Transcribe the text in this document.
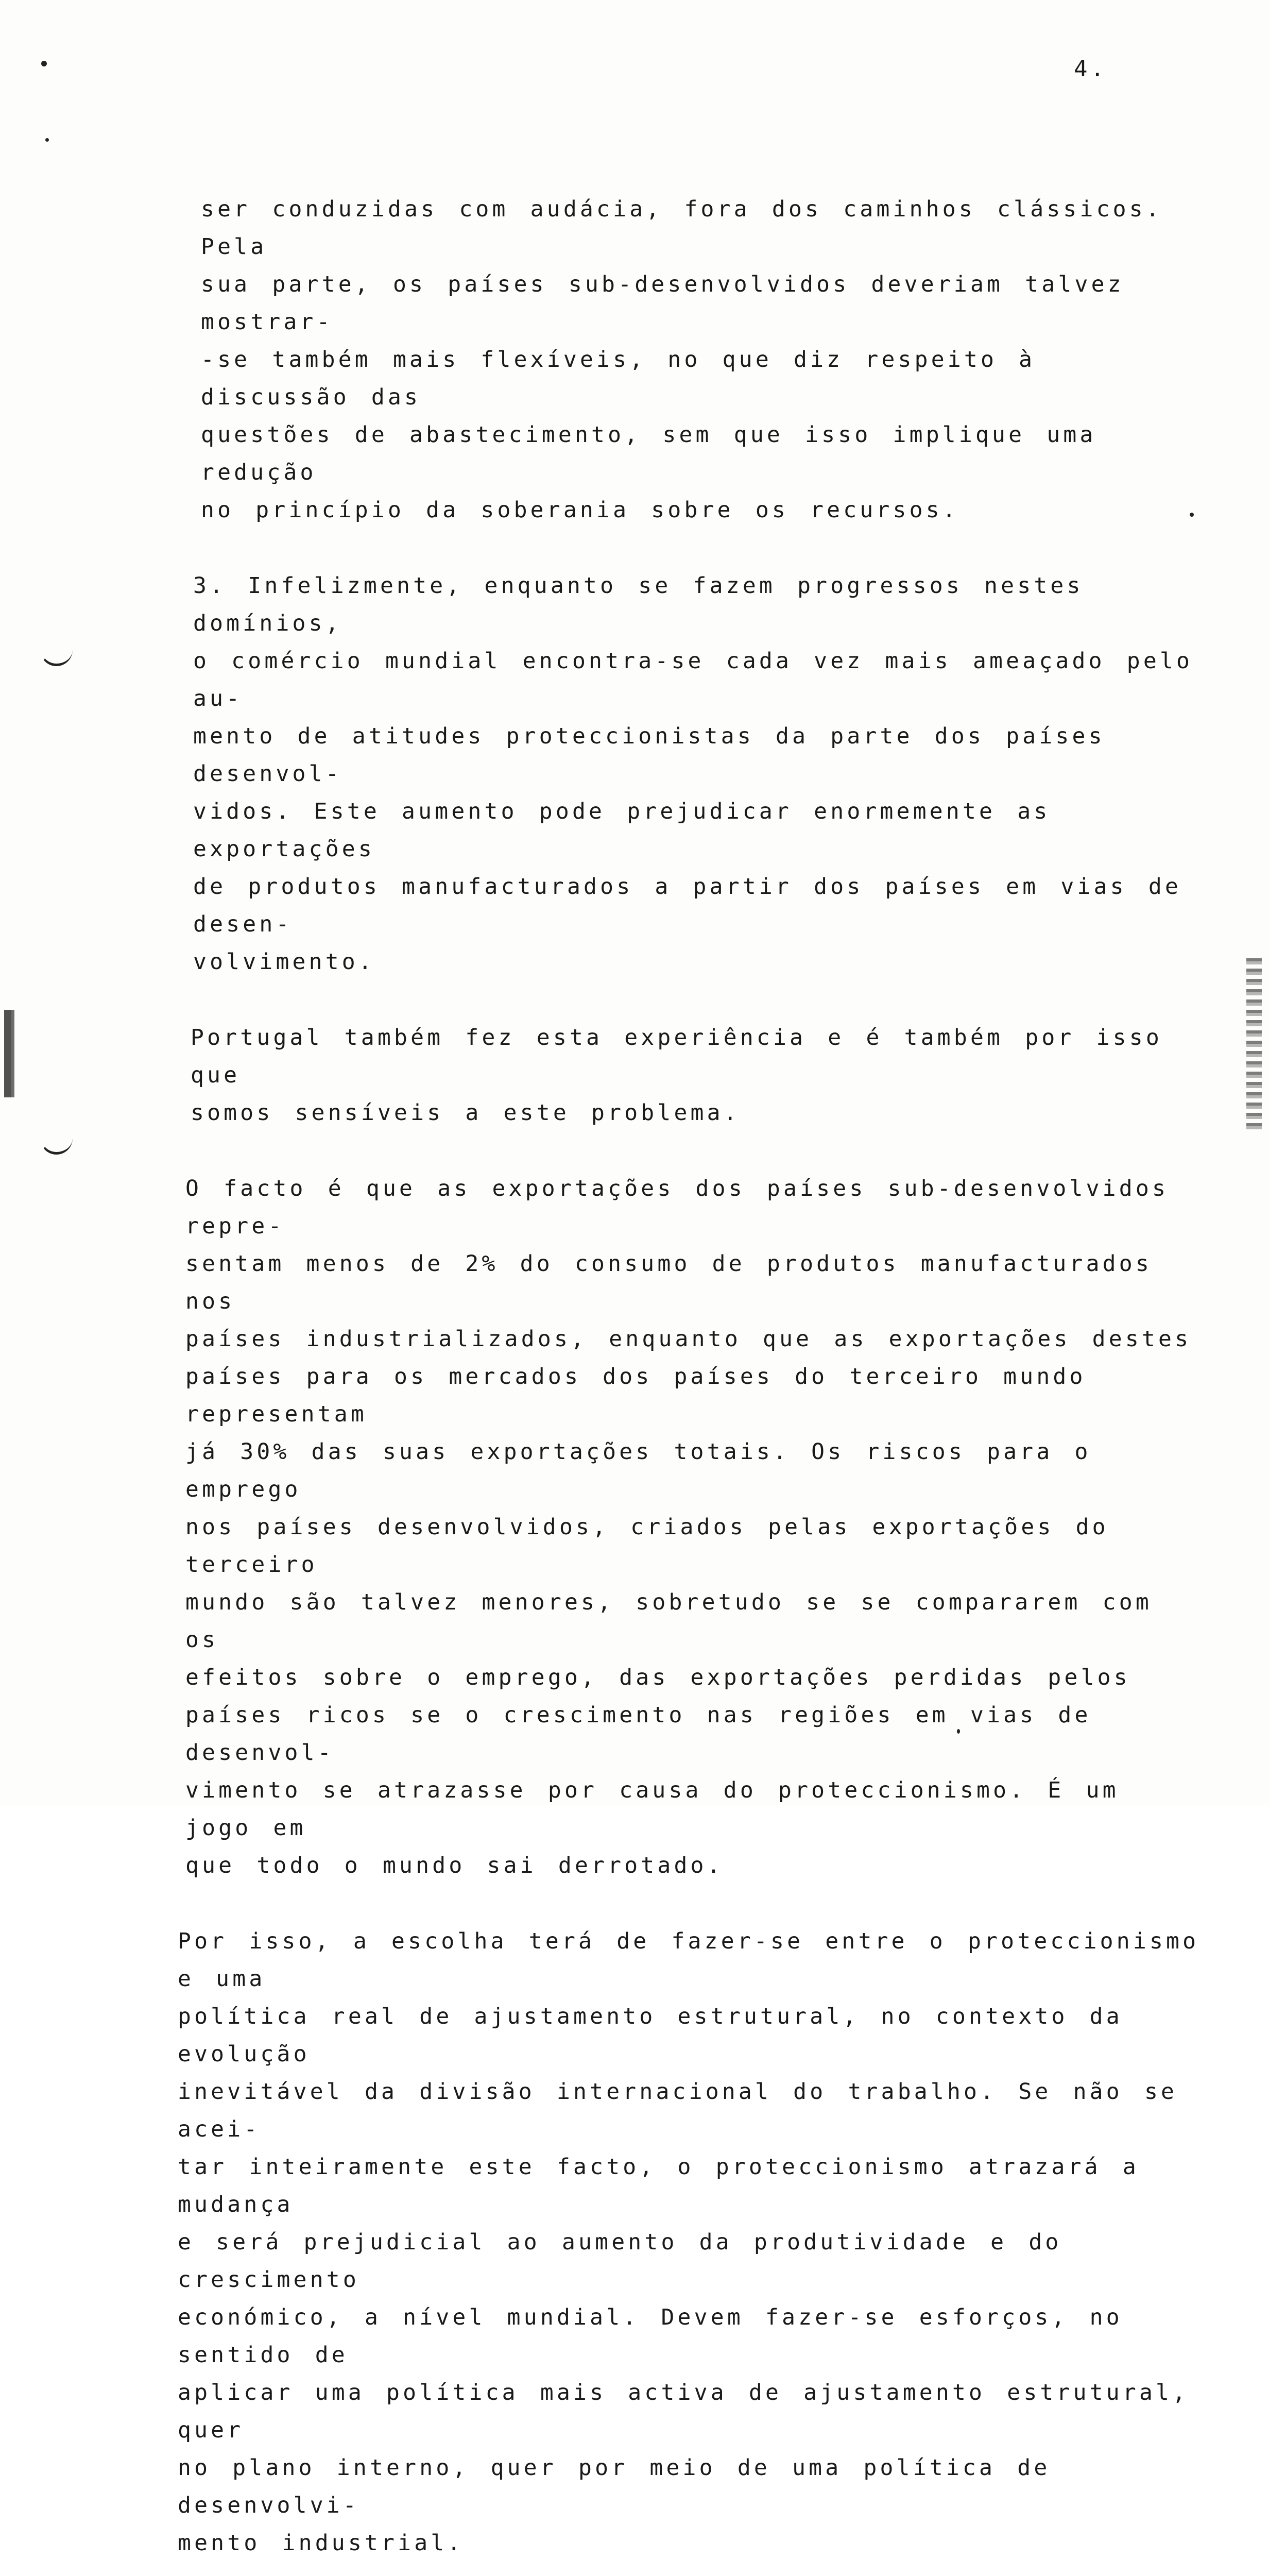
4.

ser conduzidas com audácia, fora dos caminhos clássicos. Pela
sua parte, os países sub-desenvolvidos deveriam talvez mostrar-
-se também mais flexíveis, no que diz respeito à discussão das
questões de abastecimento, sem que isso implique uma redução
no princípio da soberania sobre os recursos.

3. Infelizmente, enquanto se fazem progressos nestes domínios,
o comércio mundial encontra-se cada vez mais ameaçado pelo au-
mento de atitudes proteccionistas da parte dos países desenvol-
vidos. Este aumento pode prejudicar enormemente as exportações
de produtos manufacturados a partir dos países em vias de desen-
volvimento.

Portugal também fez esta experiência e é também por isso que
somos sensíveis a este problema.

O facto é que as exportações dos países sub-desenvolvidos repre-
sentam menos de 2% do consumo de produtos manufacturados nos
países industrializados, enquanto que as exportações destes
países para os mercados dos países do terceiro mundo representam
já 30% das suas exportações totais. Os riscos para o emprego
nos países desenvolvidos, criados pelas exportações do terceiro
mundo são talvez menores, sobretudo se se compararem com os
efeitos sobre o emprego, das exportações perdidas pelos
países ricos se o crescimento nas regiões em vias de desenvol-
vimento se atrazasse por causa do proteccionismo. É um jogo em
que todo o mundo sai derrotado.

Por isso, a escolha terá de fazer-se entre o proteccionismo e uma
política real de ajustamento estrutural, no contexto da evolução
inevitável da divisão internacional do trabalho. Se não se acei-
tar inteiramente este facto, o proteccionismo atrazará a mudança
e será prejudicial ao aumento da produtividade e do crescimento
económico, a nível mundial. Devem fazer-se esforços, no sentido de
aplicar uma política mais activa de ajustamento estrutural, quer
no plano interno, quer por meio de uma política de desenvolvi-
mento industrial.
